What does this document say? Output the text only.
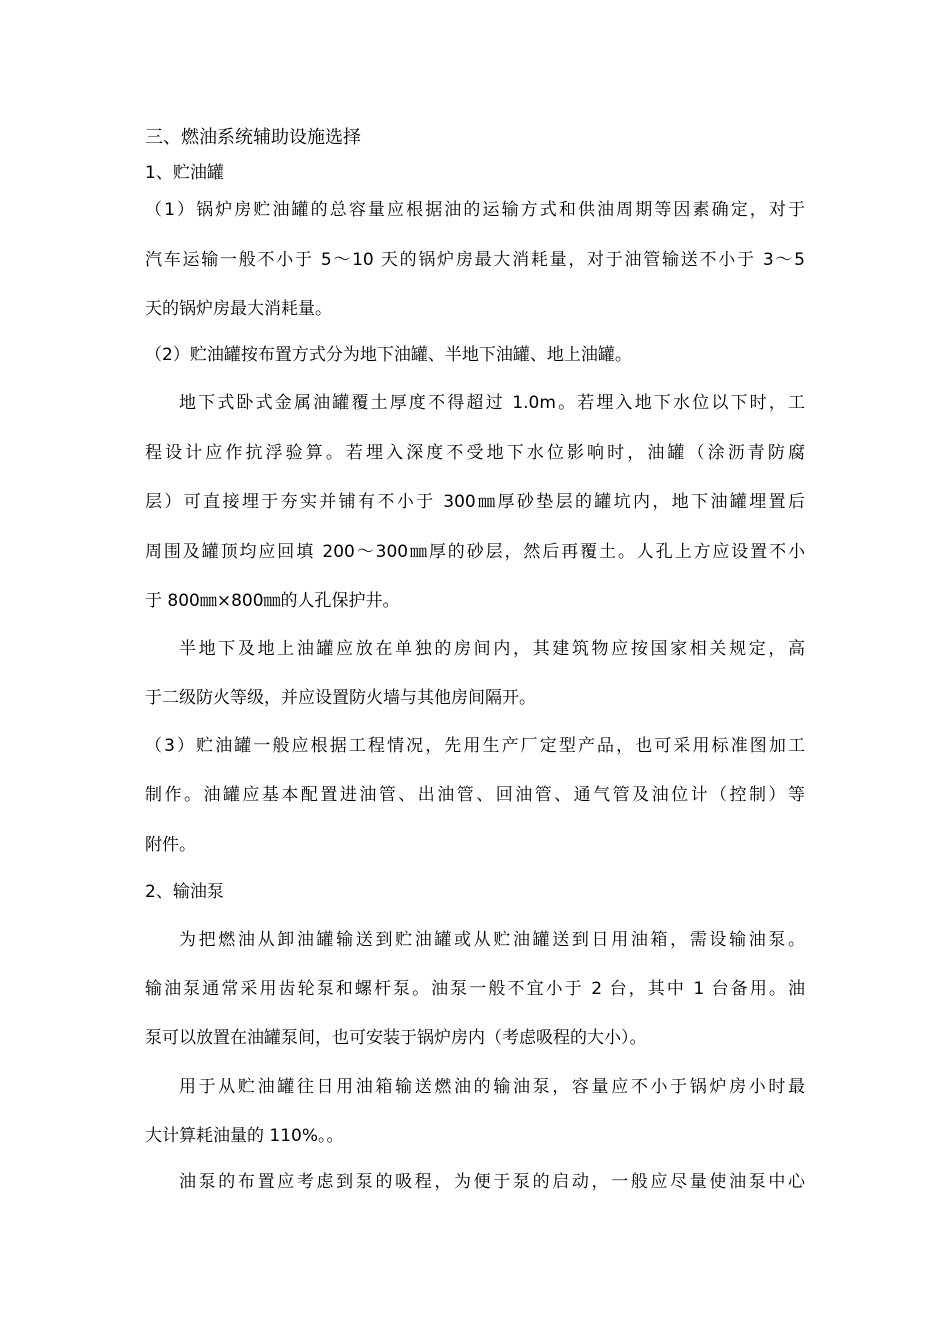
三、燃油系统辅助设施选择
1、贮油罐
（1）锅炉房贮油罐的总容量应根据油的运输方式和供油周期等因素确定，对于
汽车运输一般不小于 5～10 天的锅炉房最大消耗量，对于油管输送不小于 3～5
天的锅炉房最大消耗量。
（2）贮油罐按布置方式分为地下油罐、半地下油罐、地上油罐。
地下式卧式金属油罐覆土厚度不得超过 1.0m。若埋入地下水位以下时，工
程设计应作抗浮验算。若埋入深度不受地下水位影响时，油罐（涂沥青防腐
层）可直接埋于夯实并铺有不小于 300㎜厚砂垫层的罐坑内，地下油罐埋置后
周围及罐顶均应回填 200～300㎜厚的砂层，然后再覆土。人孔上方应设置不小
于 800㎜×800㎜的人孔保护井。
半地下及地上油罐应放在单独的房间内，其建筑物应按国家相关规定，高
于二级防火等级，并应设置防火墙与其他房间隔开。
（3）贮油罐一般应根据工程情况，先用生产厂定型产品，也可采用标准图加工
制作。油罐应基本配置进油管、出油管、回油管、通气管及油位计（控制）等
附件。
2、输油泵
为把燃油从卸油罐输送到贮油罐或从贮油罐送到日用油箱，需设输油泵。
输油泵通常采用齿轮泵和螺杆泵。油泵一般不宜小于 2 台，其中 1 台备用。油
泵可以放置在油罐泵间，也可安装于锅炉房内（考虑吸程的大小）。
用于从贮油罐往日用油箱输送燃油的输油泵，容量应不小于锅炉房小时最
大计算耗油量的 110%。。
油泵的布置应考虑到泵的吸程，为便于泵的启动，一般应尽量使油泵中心
